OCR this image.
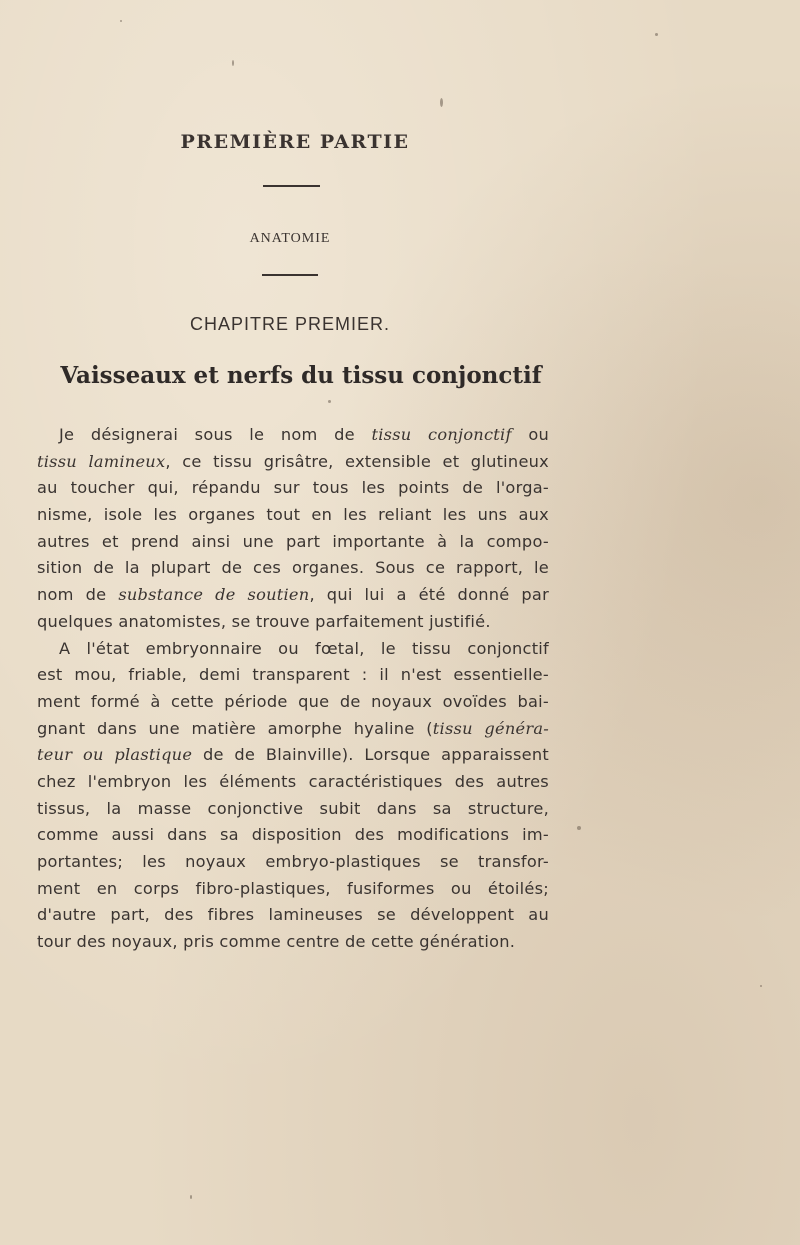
PREMIÈRE PARTIE
ANATOMIE
CHAPITRE PREMIER.
Vaisseaux et nerfs du tissu conjonctif
Je désignerai sous le nom de tissu conjonctif ou
tissu lamineux, ce tissu grisâtre, extensible et glutineux
au toucher qui, répandu sur tous les points de l'orga-
nisme, isole les organes tout en les reliant les uns aux
autres et prend ainsi une part importante à la compo-
sition de la plupart de ces organes. Sous ce rapport, le
nom de substance de soutien, qui lui a été donné par
quelques anatomistes, se trouve parfaitement justifié.
A l'état embryonnaire ou fœtal, le tissu conjonctif
est mou, friable, demi transparent : il n'est essentielle-
ment formé à cette période que de noyaux ovoïdes bai-
gnant dans une matière amorphe hyaline (tissu généra-
teur ou plastique de de Blainville). Lorsque apparaissent
chez l'embryon les éléments caractéristiques des autres
tissus, la masse conjonctive subit dans sa structure,
comme aussi dans sa disposition des modifications im-
portantes; les noyaux embryo-plastiques se transfor-
ment en corps fibro-plastiques, fusiformes ou étoilés;
d'autre part, des fibres lamineuses se développent au
tour des noyaux, pris comme centre de cette génération.
